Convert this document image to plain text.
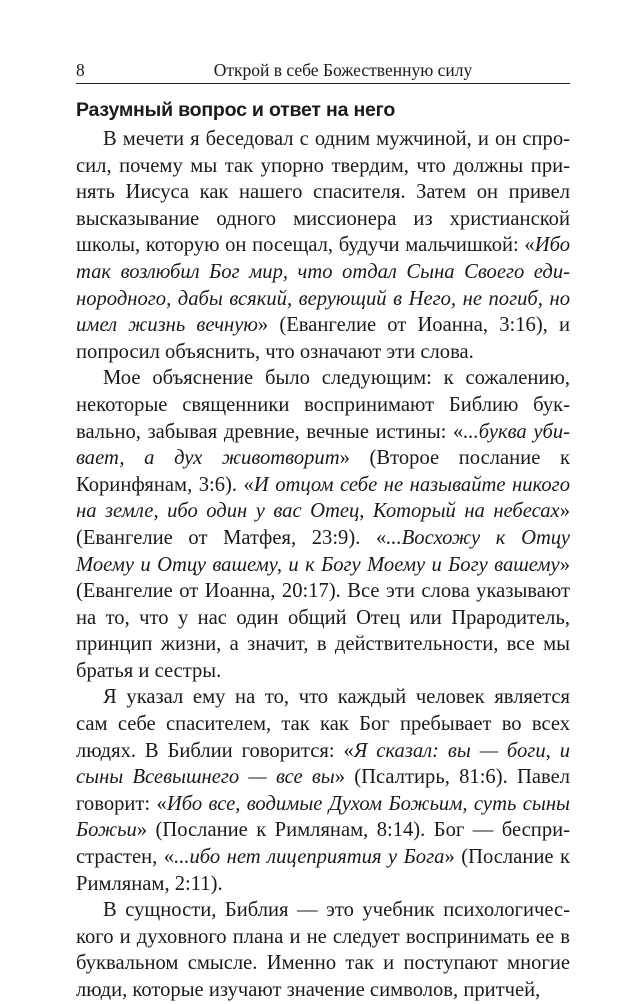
8	Открой в себе Божественную силу
Разумный вопрос и ответ на него

В мечети я беседовал с одним мужчиной, и он спросил, почему мы так упорно твердим, что должны принять Иисуса как нашего спасителя. Затем он привел высказывание одного миссионера из христианской школы, которую он посещал, будучи мальчишкой: «Ибо так возлюбил Бог мир, что отдал Сына Своего единородного, дабы всякий, верующий в Него, не погиб, но имел жизнь вечную» (Евангелие от Иоанна, 3:16), и попросил объяснить, что означают эти слова.

Мое объяснение было следующим: к сожалению, некоторые священники воспринимают Библию буквально, забывая древние, вечные истины: «...буква убивает, а дух животворит» (Второе послание к Коринфянам, 3:6). «И отцом себе не называйте никого на земле, ибо один у вас Отец, Который на небесах» (Евангелие от Матфея, 23:9). «...Восхожу к Отцу Моему и Отцу вашему, и к Богу Моему и Богу вашему» (Евангелие от Иоанна, 20:17). Все эти слова указывают на то, что у нас один общий Отец или Прародитель, принцип жизни, а значит, в действительности, все мы братья и сестры.

Я указал ему на то, что каждый человек является сам себе спасителем, так как Бог пребывает во всех людях. В Библии говорится: «Я сказал: вы — боги, и сыны Всевышнего — все вы» (Псалтирь, 81:6). Павел говорит: «Ибо все, водимые Духом Божьим, суть сыны Божьи» (Послание к Римлянам, 8:14). Бог — беспристрастен, «...ибо нет лицеприятия у Бога» (Послание к Римлянам, 2:11).

В сущности, Библия — это учебник психологического и духовного плана и не следует воспринимать ее в буквальном смысле. Именно так и поступают многие люди, которые изучают значение символов, притчей,
